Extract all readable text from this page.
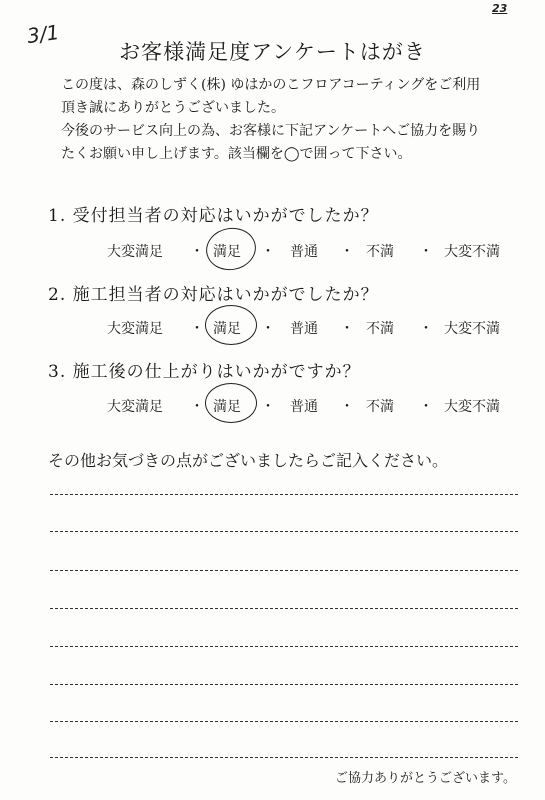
3/1
23
お客様満足度アンケートはがき
この度は、森のしずく(株) ゆはかのこフロアコーティングをご利用
頂き誠にありがとうございました。
今後のサービス向上の為、お客様に下記アンケートへご協力を賜り
たくお願い申し上げます。該当欄を◯で囲って下さい。
1. 受付担当者の対応はいかがでしたか？
大変満足 ・ 満足 ・ 普通 ・ 不満 ・ 大変不満
2. 施工担当者の対応はいかがでしたか？
大変満足 ・ 満足 ・ 普通 ・ 不満 ・ 大変不満
3. 施工後の仕上がりはいかがですか？
大変満足 ・ 満足 ・ 普通 ・ 不満 ・ 大変不満
その他お気づきの点がございましたらご記入ください。
ご協力ありがとうございます。
